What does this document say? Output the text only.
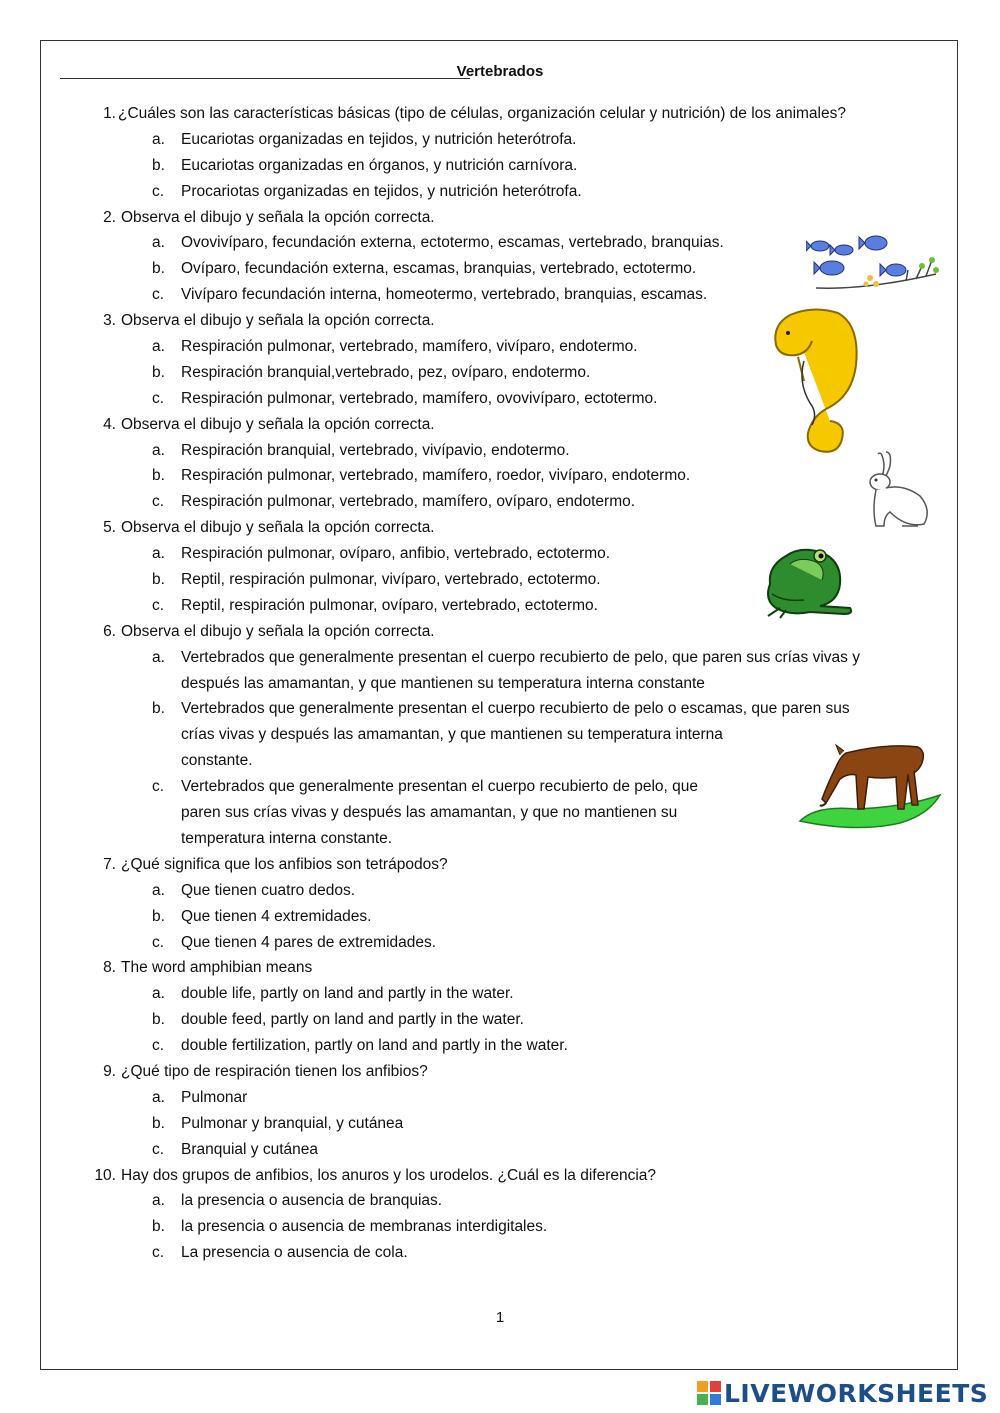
Vertebrados
1. ¿Cuáles son las características básicas (tipo de células, organización celular y nutrición) de los animales?
a. Eucariotas organizadas en tejidos, y nutrición heterótrofa.
b. Eucariotas organizadas en órganos, y nutrición carnívora.
c. Procariotas organizadas en tejidos, y nutrición heterótrofa.
2. Observa el dibujo y señala la opción correcta.
a. Ovovivíparo, fecundación externa, ectotermo, escamas, vertebrado, branquias.
b. Ovíparo, fecundación externa, escamas, branquias, vertebrado, ectotermo.
c. Vivíparo fecundación interna, homeotermo, vertebrado, branquias, escamas.
3. Observa el dibujo y señala la opción correcta.
a. Respiración pulmonar, vertebrado, mamífero, vivíparo, endotermo.
b. Respiración branquial,vertebrado, pez, ovíparo, endotermo.
c. Respiración pulmonar, vertebrado, mamífero, ovovivíparo, ectotermo.
4. Observa el dibujo y señala la opción correcta.
a. Respiración branquial, vertebrado, vivípavio, endotermo.
b. Respiración pulmonar, vertebrado, mamífero, roedor, vivíparo, endotermo.
c. Respiración pulmonar, vertebrado, mamífero, ovíparo, endotermo.
5. Observa el dibujo y señala la opción correcta.
a. Respiración pulmonar, ovíparo, anfibio, vertebrado, ectotermo.
b. Reptil, respiración pulmonar, vivíparo, vertebrado, ectotermo.
c. Reptil, respiración pulmonar, ovíparo, vertebrado, ectotermo.
6. Observa el dibujo y señala la opción correcta.
a. Vertebrados que generalmente presentan el cuerpo recubierto de pelo, que paren sus crías vivas y
después las amamantan, y que mantienen su temperatura interna constante
b. Vertebrados que generalmente presentan el cuerpo recubierto de pelo o escamas, que paren sus
crías vivas y después las amamantan, y que mantienen su temperatura interna
constante.
c. Vertebrados que generalmente presentan el cuerpo recubierto de pelo, que
paren sus crías vivas y después las amamantan, y que no mantienen su
temperatura interna constante.
7. ¿Qué significa que los anfibios son tetrápodos?
a. Que tienen cuatro dedos.
b. Que tienen 4 extremidades.
c. Que tienen 4 pares de extremidades.
8. The word amphibian means
a. double life, partly on land and partly in the water.
b. double feed, partly on land and partly in the water.
c. double fertilization, partly on land and partly in the water.
9. ¿Qué tipo de respiración tienen los anfibios?
a. Pulmonar
b. Pulmonar y branquial, y cutánea
c. Branquial y cutánea
10. Hay dos grupos de anfibios, los anuros y los urodelos. ¿Cuál es la diferencia?
a. la presencia o ausencia de branquias.
b. la presencia o ausencia de membranas interdigitales.
c. La presencia o ausencia de cola.
1
LIVEWORKSHEETS
